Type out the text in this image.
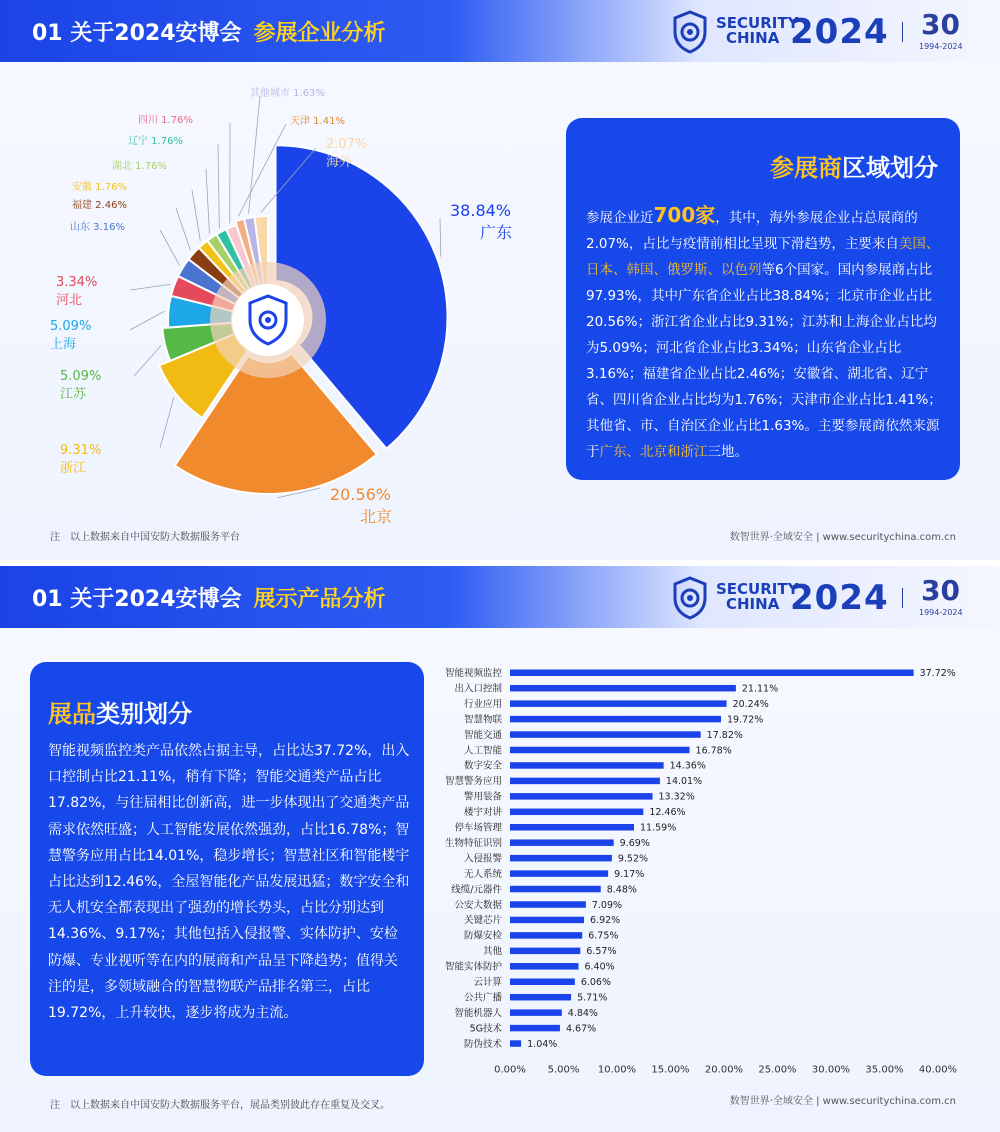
01 关于2024安博会 参展企业分析	SECURITY
CHINA 2024 30
1994-2024
38.84%
广东
20.56%
北京
9.31%
浙江
5.09%
江苏
5.09%
上海
3.34%
河北
山东 3.16%
福建 2.46%
安徽 1.76%
湖北 1.76%
辽宁 1.76%
四川 1.76%	天津 1.41%
其他城市 1.63%
2.07%
海外	参展商区域划分
参展企业近700家，其中，海外参展企业占总展商的2.07%，占比与疫情前相比呈现下滑趋势，主要来自美国、日本、韩国、俄罗斯、以色列等6个国家。国内参展商占比97.93%，其中广东省企业占比38.84%；北京市企业占比20.56%；浙江省企业占比9.31%；江苏和上海企业占比均为5.09%；河北省企业占比3.34%；山东省企业占比3.16%；福建省企业占比2.46%；安徽省、湖北省、辽宁省、四川省企业占比均为1.76%；天津市企业占比1.41%；其他省、市、自治区企业占比1.63%。主要参展商依然来源于广东、北京和浙江三地。
注　以上数据来自中国安防大数据服务平台	数智世界·全域安全 | www.securitychina.com.cn
01 关于2024安博会 展示产品分析	SECURITY
CHINA 2024 30
1994-2024
展品类别划分
智能视频监控类产品依然占据主导，占比达37.72%，出入口控制占比21.11%，稍有下降；智能交通类产品占比17.82%，与往届相比创新高，进一步体现出了交通类产品需求依然旺盛；人工智能发展依然强劲，占比16.78%；智慧警务应用占比14.01%，稳步增长；智慧社区和智能楼宇占比达到12.46%，全屋智能化产品发展迅猛；数字安全和无人机安全都表现出了强劲的增长势头，占比分别达到14.36%、9.17%；其他包括入侵报警、实体防护、安检防爆、专业视听等在内的展商和产品呈下降趋势；值得关注的是，多领域融合的智慧物联产品排名第三，占比19.72%，上升较快，逐步将成为主流。
智能视频监控	37.72%
出入口控制	21.11%
行业应用	20.24%
智慧物联	19.72%
智能交通	17.82%
人工智能	16.78%
数字安全	14.36%
智慧警务应用	14.01%
警用装备	13.32%
楼宇对讲	12.46%
停车场管理	11.59%
生物特征识别	9.69%
入侵报警	9.52%
无人系统	9.17%
线缆/元器件	8.48%
公安大数据	7.09%
关键芯片	6.92%
防爆安检	6.75%
其他	6.57%
智能实体防护	6.40%
云计算	6.06%
公共广播	5.71%
智能机器人	4.84%
5G技术	4.67%
防伪技术	1.04%
0.00% 5.00% 10.00% 15.00% 20.00% 25.00% 30.00% 35.00% 40.00%
注　以上数据来自中国安防大数据服务平台，展品类别彼此存在重复及交叉。	数智世界·全域安全 | www.securitychina.com.cn
